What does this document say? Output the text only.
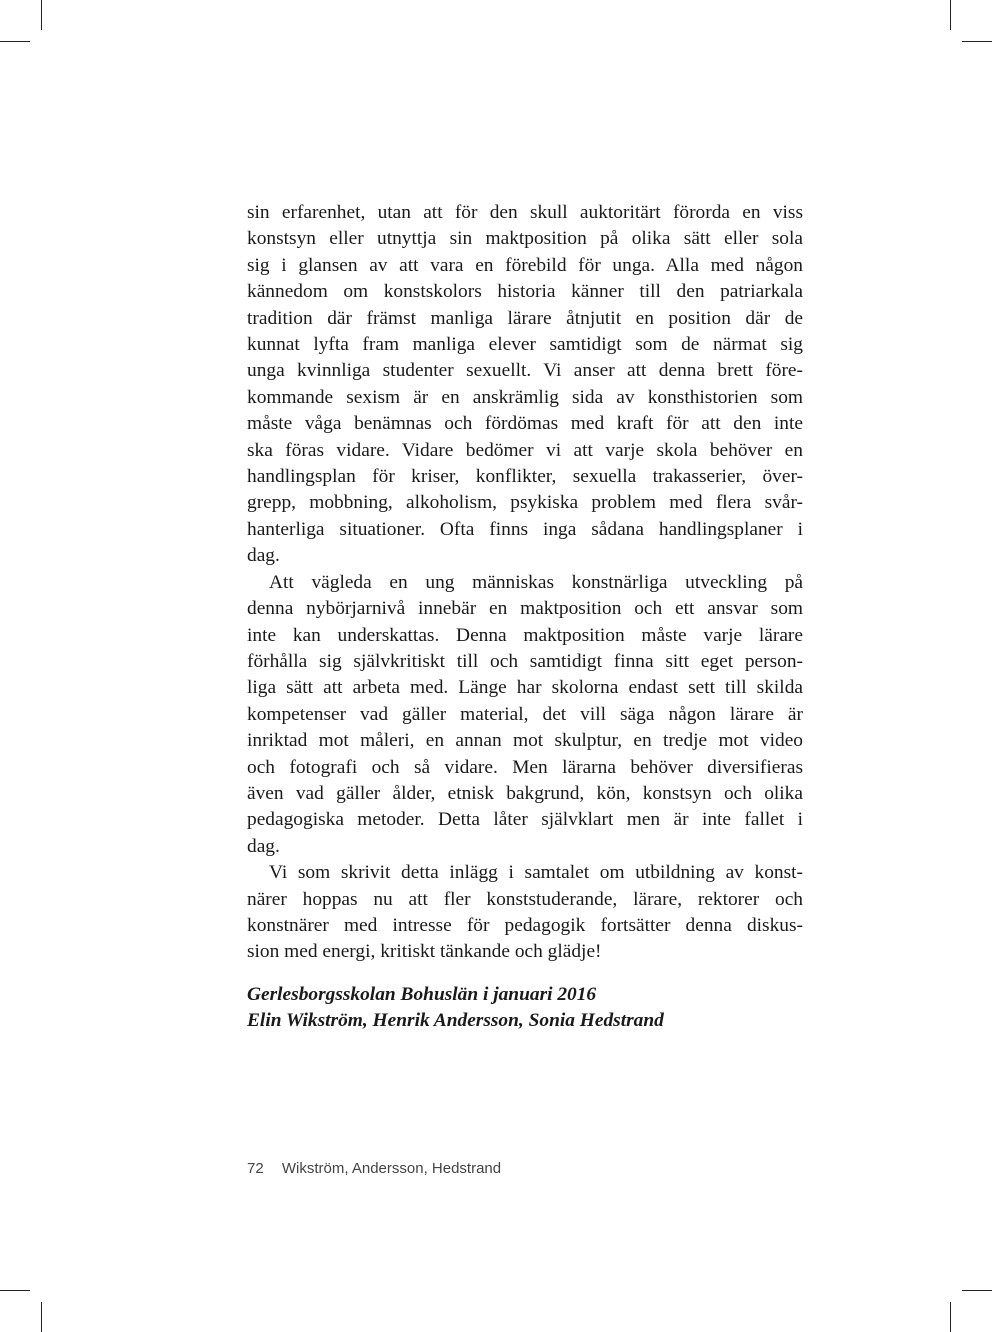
sin erfarenhet, utan att för den skull auktoritärt förorda en viss
konstsyn eller utnyttja sin maktposition på olika sätt eller sola
sig i glansen av att vara en förebild för unga. Alla med någon
kännedom om konstskolors historia känner till den patriarkala
tradition där främst manliga lärare åtnjutit en position där de
kunnat lyfta fram manliga elever samtidigt som de närmat sig
unga kvinnliga studenter sexuellt. Vi anser att denna brett före-
kommande sexism är en anskrämlig sida av konsthistorien som
måste våga benämnas och fördömas med kraft för att den inte
ska föras vidare. Vidare bedömer vi att varje skola behöver en
handlingsplan för kriser, konflikter, sexuella trakasserier, över-
grepp, mobbning, alkoholism, psykiska problem med flera svår-
hanterliga situationer. Ofta finns inga sådana handlingsplaner i
dag.

Att vägleda en ung människas konstnärliga utveckling på
denna nybörjarnivå innebär en maktposition och ett ansvar som
inte kan underskattas. Denna maktposition måste varje lärare
förhålla sig självkritiskt till och samtidigt finna sitt eget person-
liga sätt att arbeta med. Länge har skolorna endast sett till skilda
kompetenser vad gäller material, det vill säga någon lärare är
inriktad mot måleri, en annan mot skulptur, en tredje mot video
och fotografi och så vidare. Men lärarna behöver diversifieras
även vad gäller ålder, etnisk bakgrund, kön, konstsyn och olika
pedagogiska metoder. Detta låter självklart men är inte fallet i
dag.

Vi som skrivit detta inlägg i samtalet om utbildning av konst-
närer hoppas nu att fler konststuderande, lärare, rektorer och
konstnärer med intresse för pedagogik fortsätter denna diskus-
sion med energi, kritiskt tänkande och glädje!

Gerlesborgsskolan Bohuslän i januari 2016
Elin Wikström, Henrik Andersson, Sonia Hedstrand
72 Wikström, Andersson, Hedstrand
